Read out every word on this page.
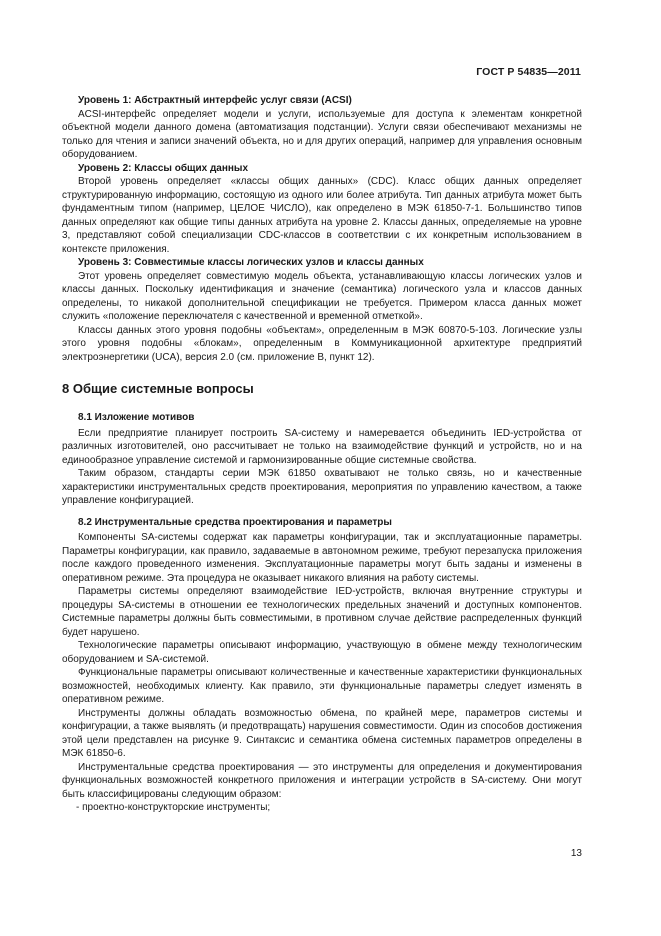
ГОСТ Р 54835—2011

Уровень 1: Абстрактный интерфейс услуг связи (ACSI)

ACSI-интерфейс определяет модели и услуги, используемые для доступа к элементам конкретной объектной модели данного домена (автоматизация подстанции). Услуги связи обеспечивают механизмы не только для чтения и записи значений объекта, но и для других операций, например для управления основным оборудованием.

Уровень 2: Классы общих данных

Второй уровень определяет «классы общих данных» (CDC). Класс общих данных определяет структурированную информацию, состоящую из одного или более атрибута. Тип данных атрибута может быть фундаментным типом (например, ЦЕЛОЕ ЧИСЛО), как определено в МЭК 61850-7-1. Большинство типов данных определяют как общие типы данных атрибута на уровне 2. Классы данных, определяемые на уровне 3, представляют собой специализации CDC-классов в соответствии с их конкретным использованием в контексте приложения.

Уровень 3: Совместимые классы логических узлов и классы данных

Этот уровень определяет совместимую модель объекта, устанавливающую классы логических узлов и классы данных. Поскольку идентификация и значение (семантика) логического узла и классов данных определены, то никакой дополнительной спецификации не требуется. Примером класса данных может служить «положение переключателя с качественной и временной отметкой».

Классы данных этого уровня подобны «объектам», определенным в МЭК 60870-5-103. Логические узлы этого уровня подобны «блокам», определенным в Коммуникационной архитектуре предприятий электроэнергетики (UCA), версия 2.0 (см. приложение В, пункт 12).

8 Общие системные вопросы

8.1 Изложение мотивов

Если предприятие планирует построить SA-систему и намеревается объединить IED-устройства от различных изготовителей, оно рассчитывает не только на взаимодействие функций и устройств, но и на единообразное управление системой и гармонизированные общие системные свойства.

Таким образом, стандарты серии МЭК 61850 охватывают не только связь, но и качественные характеристики инструментальных средств проектирования, мероприятия по управлению качеством, а также управление конфигурацией.

8.2 Инструментальные средства проектирования и параметры

Компоненты SA-системы содержат как параметры конфигурации, так и эксплуатационные параметры. Параметры конфигурации, как правило, задаваемые в автономном режиме, требуют перезапуска приложения после каждого проведенного изменения. Эксплуатационные параметры могут быть заданы и изменены в оперативном режиме. Эта процедура не оказывает никакого влияния на работу системы.

Параметры системы определяют взаимодействие IED-устройств, включая внутренние структуры и процедуры SA-системы в отношении ее технологических предельных значений и доступных компонентов. Системные параметры должны быть совместимыми, в противном случае действие распределенных функций будет нарушено.

Технологические параметры описывают информацию, участвующую в обмене между технологическим оборудованием и SA-системой.

Функциональные параметры описывают количественные и качественные характеристики функциональных возможностей, необходимых клиенту. Как правило, эти функциональные параметры следует изменять в оперативном режиме.

Инструменты должны обладать возможностью обмена, по крайней мере, параметров системы и конфигурации, а также выявлять (и предотвращать) нарушения совместимости. Один из способов достижения этой цели представлен на рисунке 9. Синтаксис и семантика обмена системных параметров определены в МЭК 61850-6.

Инструментальные средства проектирования — это инструменты для определения и документирования функциональных возможностей конкретного приложения и интеграции устройств в SA-систему. Они могут быть классифицированы следующим образом:

- проектно-конструкторские инструменты;

13
